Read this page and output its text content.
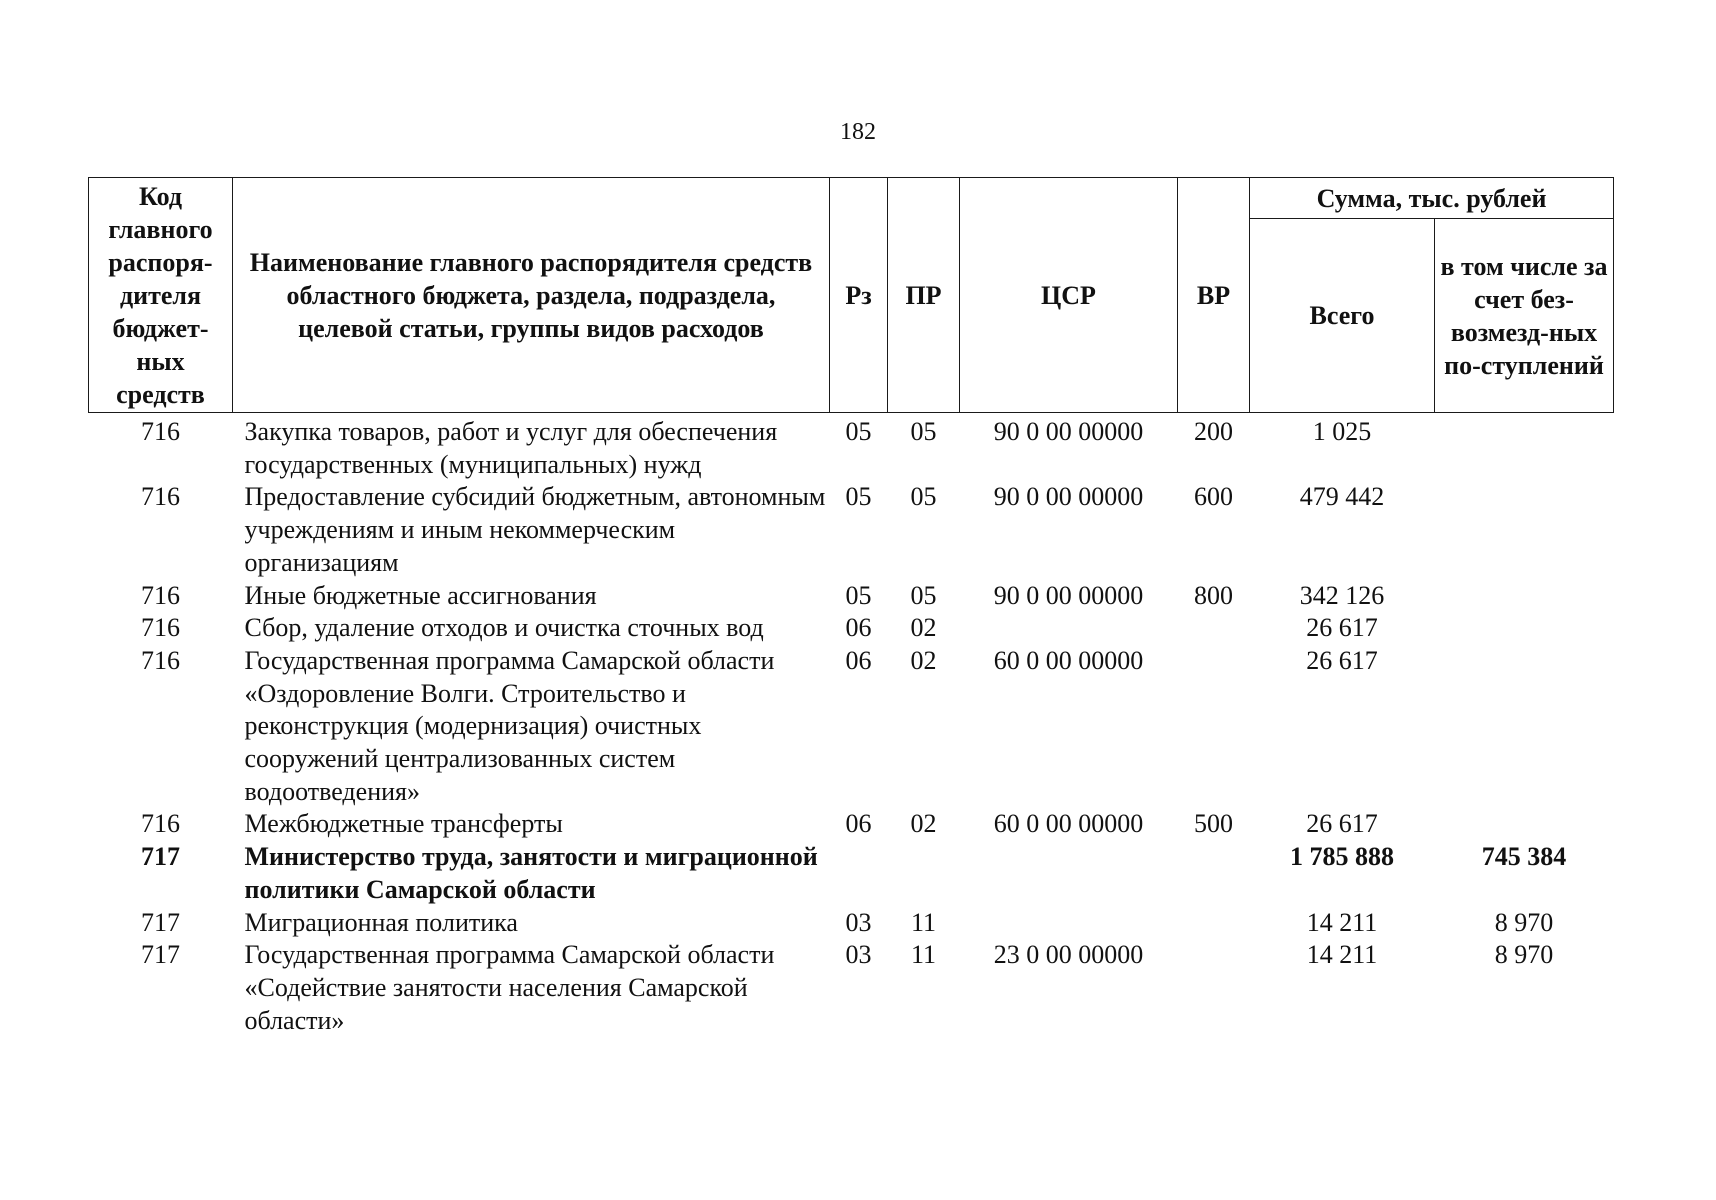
182
Код главного распоря-дителя бюджет-ных средств	Наименование главного распорядителя средств областного бюджета, раздела, подраздела, целевой статьи, группы видов расходов	Рз	ПР	ЦСР	ВР	Сумма, тыс. рублей	
						Всего	в том числе за счет без-возмезд-ных по-ступлений
716	Закупка товаров, работ и услуг для обеспечения государственных (муниципальных) нужд	05	05	90 0 00 00000	200	1 025	
716	Предоставление субсидий бюджетным, автономным учреждениям и иным некоммерческим организациям	05	05	90 0 00 00000	600	479 442	
716	Иные бюджетные ассигнования	05	05	90 0 00 00000	800	342 126	
716	Сбор, удаление отходов и очистка сточных вод	06	02			26 617	
716	Государственная программа Самарской области «Оздоровление Волги. Строительство и реконструкция (модернизация) очистных сооружений централизованных систем водоотведения»	06	02	60 0 00 00000		26 617	
716	Межбюджетные трансферты	06	02	60 0 00 00000	500	26 617	
717	Министерство труда, занятости и миграционной политики Самарской области					1 785 888	745 384
717	Миграционная политика	03	11			14 211	8 970
717	Государственная программа Самарской области «Содействие занятости населения Самарской области»	03	11	23 0 00 00000		14 211	8 970
